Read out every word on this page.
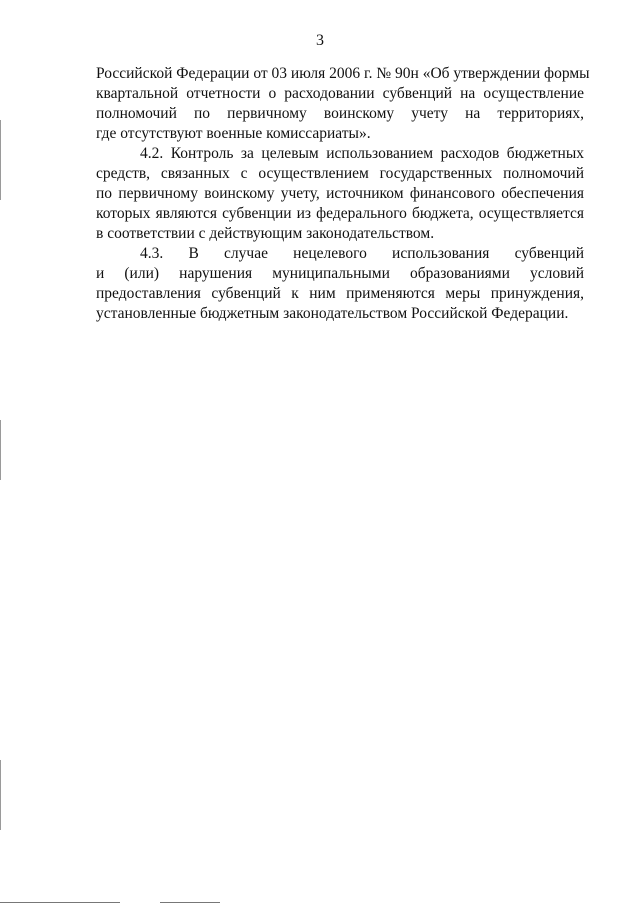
3

Российской Федерации от 03 июля 2006 г. № 90н «Об утверждении формы
квартальной отчетности о расходовании субвенций на осуществление
полномочий по первичному воинскому учету на территориях,
где отсутствуют военные комиссариаты».

4.2. Контроль за целевым использованием расходов бюджетных
средств, связанных с осуществлением государственных полномочий
по первичному воинскому учету, источником финансового обеспечения
которых являются субвенции из федерального бюджета, осуществляется
в соответствии с действующим законодательством.

4.3. В случае нецелевого использования субвенций
и (или) нарушения муниципальными образованиями условий
предоставления субвенций к ним применяются меры принуждения,
установленные бюджетным законодательством Российской Федерации.
